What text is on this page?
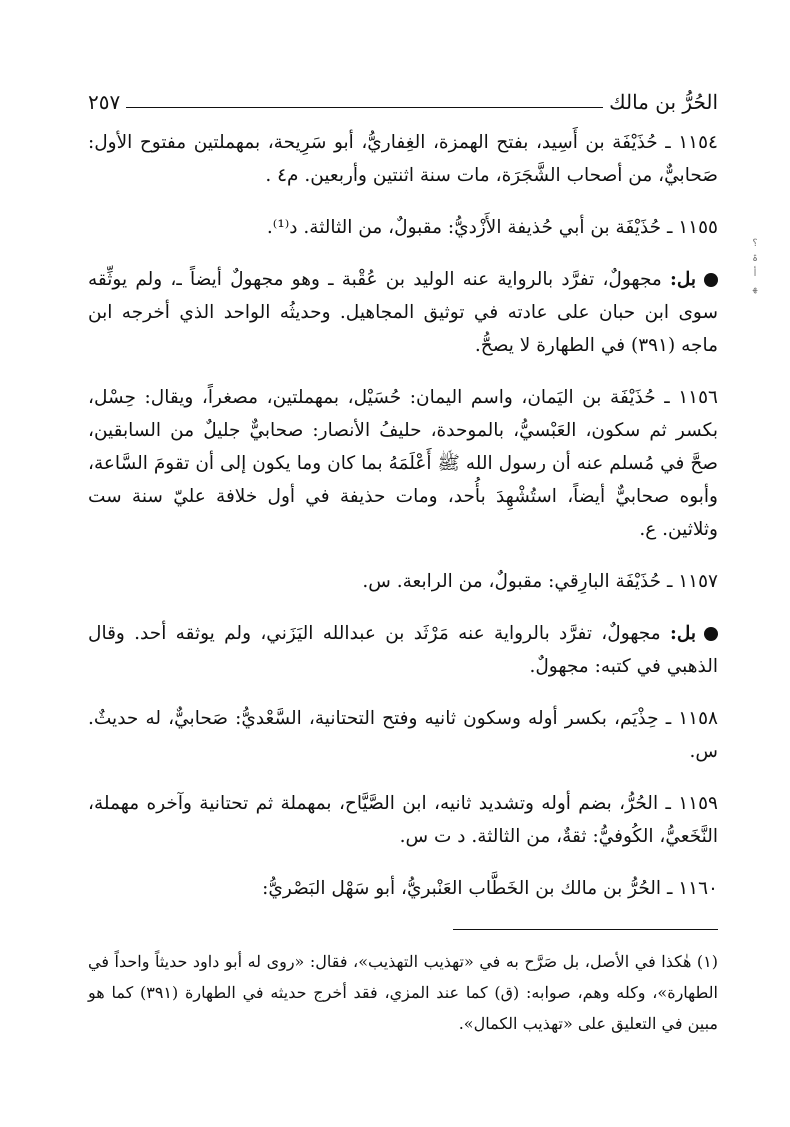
الحُرُّ بن مالك
٢٥٧

١١٥٤ ـ حُذَيْفَة بن أَسِيد، بفتح الهمزة، الغِفاريُّ، أبو سَرِيحة، بمهملتين مفتوح الأول: صَحابيٌّ، من أصحاب الشَّجَرَة، مات سنة اثنتين وأربعين. م٤ .

١١٥٥ ـ حُذَيْفَة بن أبي حُذيفة الأَزْديُّ: مقبولٌ، من الثالثة. د⁽¹⁾.

بل: مجهولٌ، تفرَّد بالرواية عنه الوليد بن عُقْبة ـ وهو مجهولٌ أيضاً ـ، ولم يوثِّقه سوى ابن حبان على عادته في توثيق المجاهيل. وحديثُه الواحد الذي أخرجه ابن ماجه (٣٩١) في الطهارة لا يصحُّ.

١١٥٦ ـ حُذَيْفَة بن اليَمان، واسم اليمان: حُسَيْل، بمهملتين، مصغراً، ويقال: حِسْل، بكسر ثم سكون، العَبْسيُّ، بالموحدة، حليفُ الأنصار: صحابيٌّ جليلٌ من السابقين، صحَّ في مُسلم عنه أن رسول الله ﷺ أَعْلَمَهُ بما كان وما يكون إلى أن تقومَ السَّاعة، وأبوه صحابيٌّ أيضاً، استُشْهِدَ بأُحد، ومات حذيفة في أول خلافة عليّ سنة ست وثلاثين. ع.

١١٥٧ ـ حُذَيْفَة البارِقي: مقبولٌ، من الرابعة. س.

بل: مجهولٌ، تفرَّد بالرواية عنه مَرْثَد بن عبدالله اليَزَني، ولم يوثقه أحد. وقال الذهبي في كتبه: مجهولٌ.

١١٥٨ ـ حِذْيَم، بكسر أوله وسكون ثانيه وفتح التحتانية، السَّعْديُّ: صَحابيٌّ، له حديثٌ. س.

١١٥٩ ـ الحُرُّ، بضم أوله وتشديد ثانيه، ابن الصَّيَّاح، بمهملة ثم تحتانية وآخره مهملة، النَّخَعيُّ، الكُوفيُّ: ثقةٌ، من الثالثة. د ت س.

١١٦٠ ـ الحُرُّ بن مالك بن الخَطَّاب العَنْبريُّ، أبو سَهْل البَصْريُّ:

(١) هٰكذا في الأصل، بل صَرَّح به في «تهذيب التهذيب»، فقال: «روى له أبو داود حديثاً واحداً في الطهارة»، وكله وهم، صوابه: (ق) كما عند المزي، فقد أخرج حديثه في الطهارة (٣٩١) كما هو مبين في التعليق على «تهذيب الكمال».

؟
ۃ
أ
ﮭ
